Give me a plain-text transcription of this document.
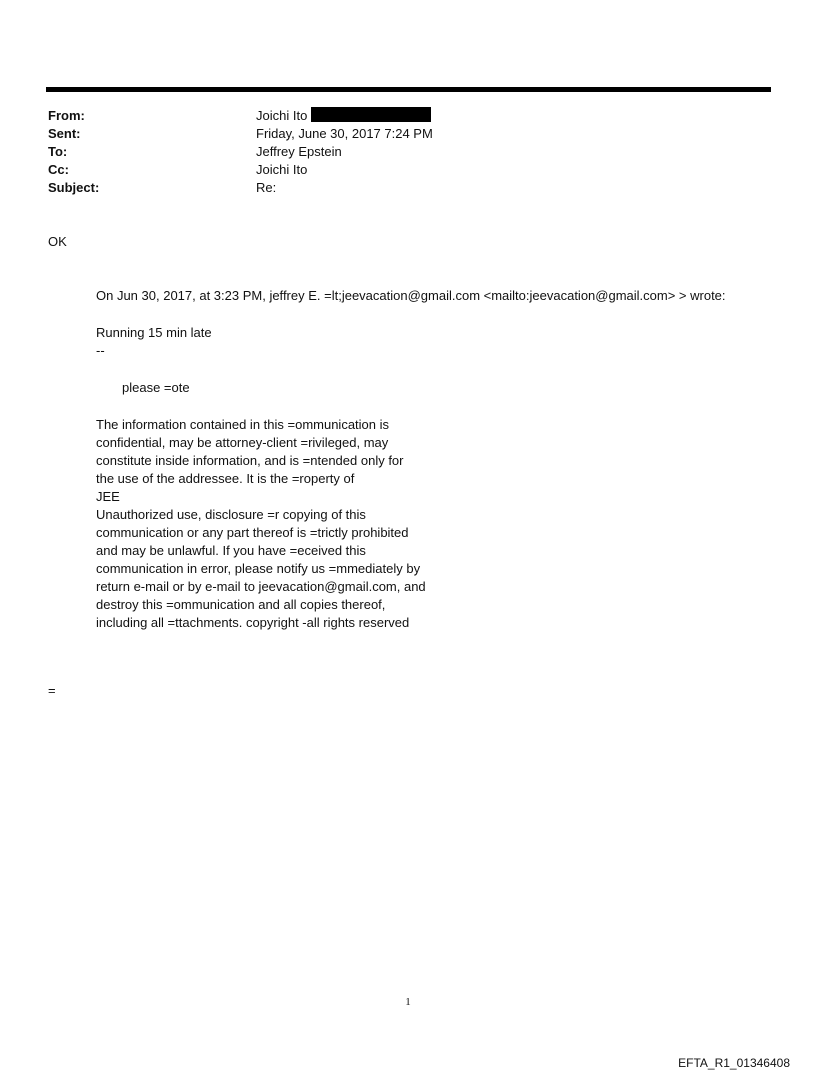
From:	Joichi Ito
Sent:	Friday, June 30, 2017 7:24 PM
To:	Jeffrey Epstein
Cc:	Joichi Ito
Subject:	Re:
OK
On Jun 30, 2017, at 3:23 PM, jeffrey E. =lt;jeevacation@gmail.com <mailto:jeevacation@gmail.com> > wrote:
Running 15 min late
--
please =ote
The information contained in this =ommunication is
confidential, may be attorney-client =rivileged, may
constitute inside information, and is =ntended only for
the use of the addressee. It is the =roperty of
JEE
Unauthorized use, disclosure =r copying of this
communication or any part thereof is =trictly prohibited
and may be unlawful. If you have =eceived this
communication in error, please notify us =mmediately by
return e-mail or by e-mail to jeevacation@gmail.com, and
destroy this =ommunication and all copies thereof,
including all =ttachments. copyright -all rights reserved
=
1
EFTA_R1_01346408
